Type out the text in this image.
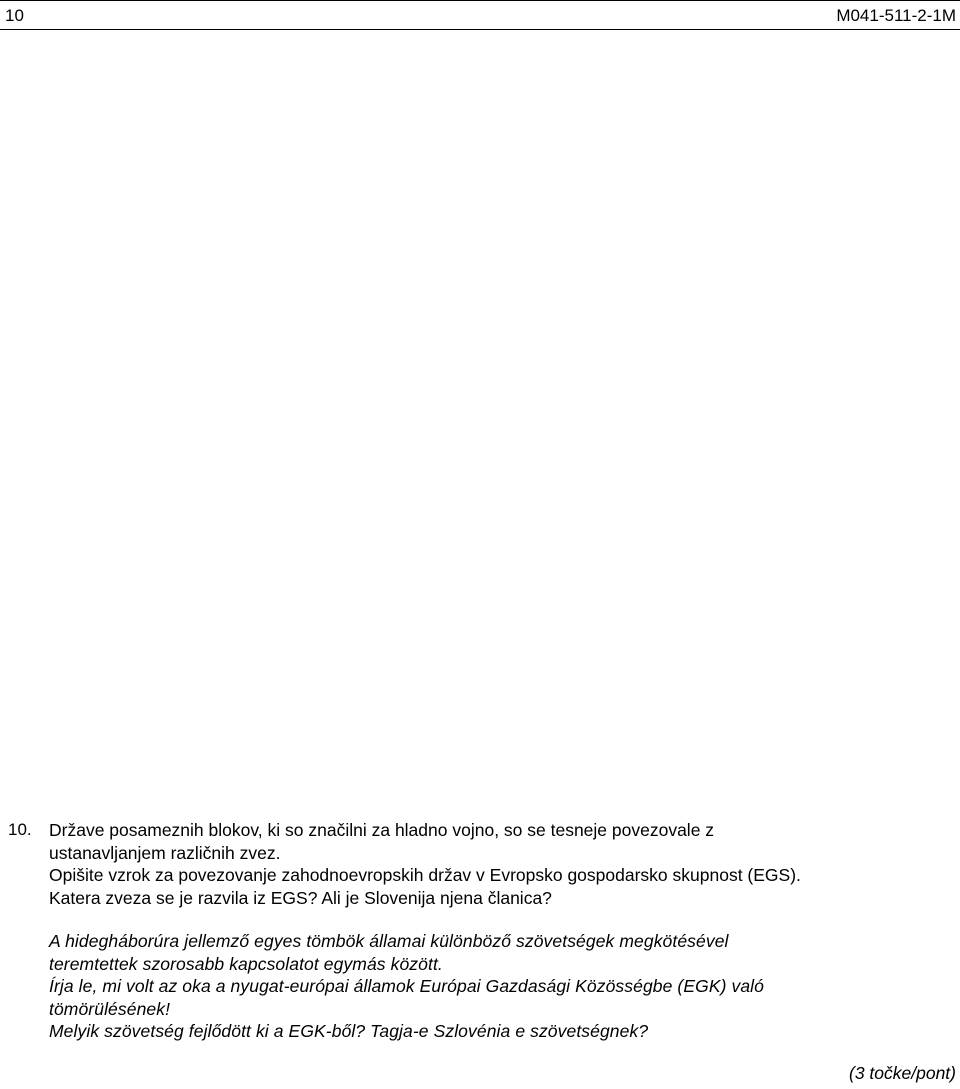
10	M041-511-2-1M
10. Države posameznih blokov, ki so značilni za hladno vojno, so se tesneje povezovale z
ustanavljanjem različnih zvez.
Opišite vzrok za povezovanje zahodnoevropskih držav v Evropsko gospodarsko skupnost (EGS).
Katera zveza se je razvila iz EGS? Ali je Slovenija njena članica?
A hidegháborúra jellemző egyes tömbök államai különböző szövetségek megkötésével
teremtettek szorosabb kapcsolatot egymás között.
Írja le, mi volt az oka a nyugat-európai államok Európai Gazdasági Közösségbe (EGK) való
tömörülésének!
Melyik szövetség fejlődött ki a EGK-ből? Tagja-e Szlovénia e szövetségnek?
(3 točke/pont)
